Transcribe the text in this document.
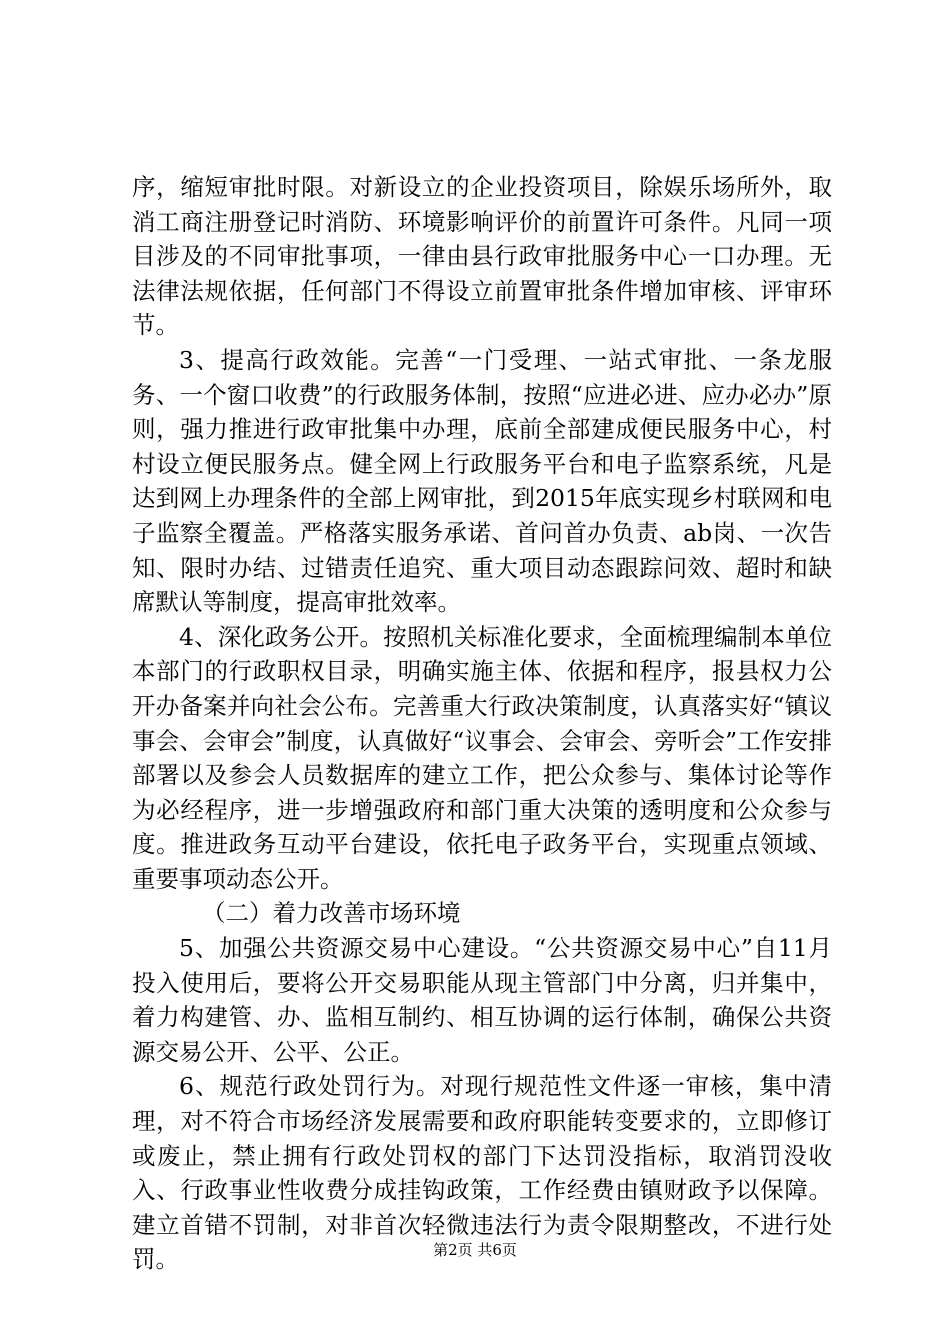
序，缩短审批时限。对新设立的企业投资项目，除娱乐场所外，取消工商注册登记时消防、环境影响评价的前置许可条件。凡同一项目涉及的不同审批事项，一律由县行政审批服务中心一口办理。无法律法规依据，任何部门不得设立前置审批条件增加审核、评审环节。

3、提高行政效能。完善“一门受理、一站式审批、一条龙服务、一个窗口收费”的行政服务体制，按照“应进必进、应办必办”原则，强力推进行政审批集中办理，底前全部建成便民服务中心，村村设立便民服务点。健全网上行政服务平台和电子监察系统，凡是达到网上办理条件的全部上网审批，到2015年底实现乡村联网和电子监察全覆盖。严格落实服务承诺、首问首办负责、ab岗、一次告知、限时办结、过错责任追究、重大项目动态跟踪问效、超时和缺席默认等制度，提高审批效率。

4、深化政务公开。按照机关标准化要求，全面梳理编制本单位本部门的行政职权目录，明确实施主体、依据和程序，报县权力公开办备案并向社会公布。完善重大行政决策制度，认真落实好“镇议事会、会审会”制度，认真做好“议事会、会审会、旁听会”工作安排部署以及参会人员数据库的建立工作，把公众参与、集体讨论等作为必经程序，进一步增强政府和部门重大决策的透明度和公众参与度。推进政务互动平台建设，依托电子政务平台，实现重点领域、重要事项动态公开。

（二）着力改善市场环境

5、加强公共资源交易中心建设。“公共资源交易中心”自11月投入使用后，要将公开交易职能从现主管部门中分离，归并集中，着力构建管、办、监相互制约、相互协调的运行体制，确保公共资源交易公开、公平、公正。

6、规范行政处罚行为。对现行规范性文件逐一审核，集中清理，对不符合市场经济发展需要和政府职能转变要求的，立即修订或废止，禁止拥有行政处罚权的部门下达罚没指标，取消罚没收入、行政事业性收费分成挂钩政策，工作经费由镇财政予以保障。建立首错不罚制，对非首次轻微违法行为责令限期整改，不进行处罚。	第2页 共6页
